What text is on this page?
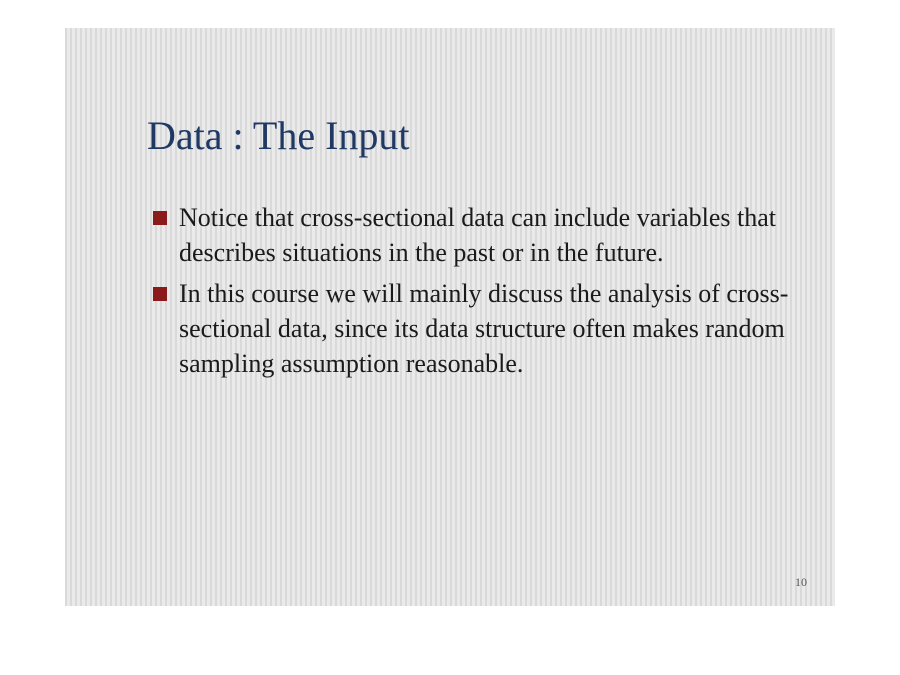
Data : The Input
Notice that cross-sectional data can include variables that describes situations in the past or in the future.
In this course we will mainly discuss the analysis of cross-sectional data, since its data structure often makes random sampling assumption reasonable.
10
